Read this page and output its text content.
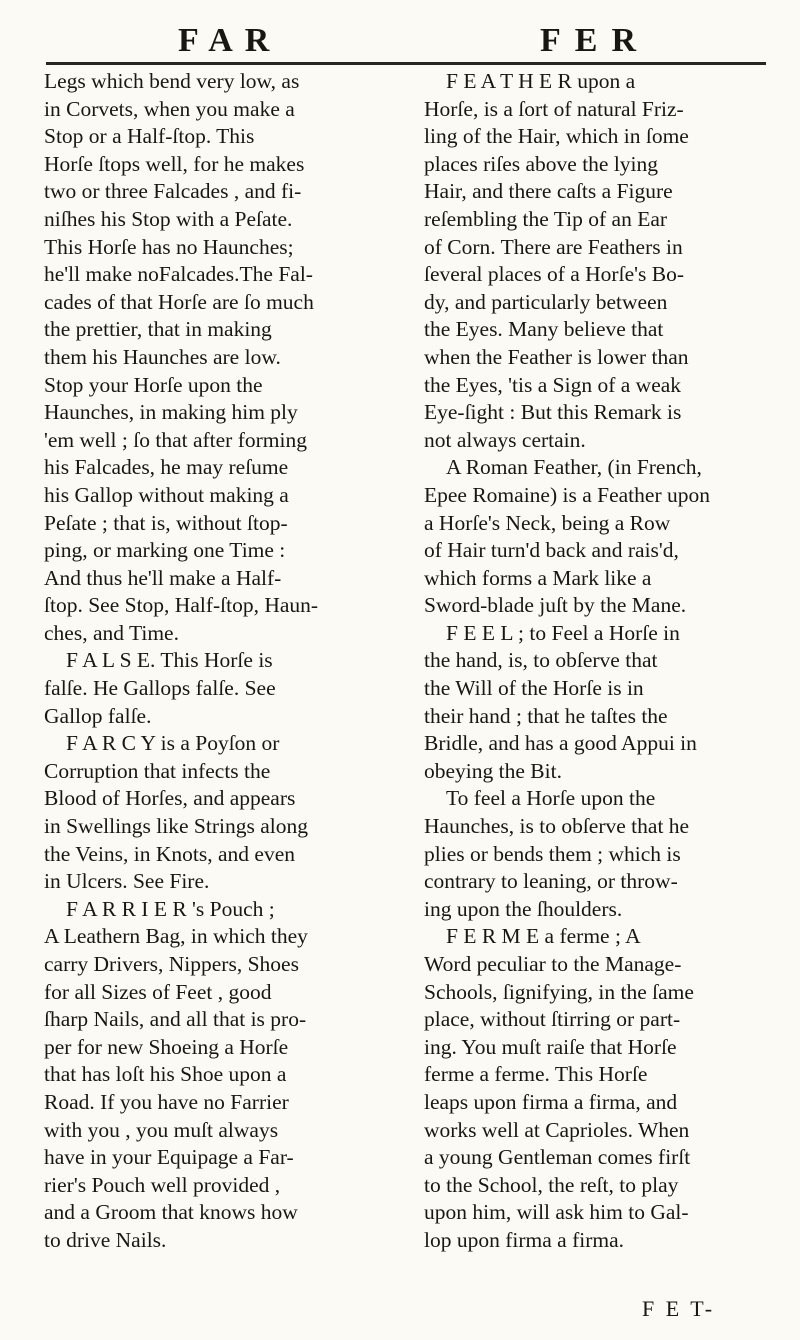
FAR	FER
Legs which bend very low, as
in Corvets, when you make a
Stop or a Half-ſtop. This
Horſe ſtops well, for he makes
two or three Falcades , and fi-
niſhes his Stop with a Peſate.
This Horſe has no Haunches;
he'll make noFalcades.The Fal-
cades of that Horſe are ſo much
the prettier, that in making
them his Haunches are low.
Stop your Horſe upon the
Haunches, in making him ply
'em well ; ſo that after forming
his Falcades, he may reſume
his Gallop without making a
Peſate ; that is, without ſtop-
ping, or marking one Time :
And thus he'll make a Half-
ſtop. See Stop, Half-ſtop, Haun-
ches, and Time.
F A L S E. This Horſe is
falſe. He Gallops falſe. See
Gallop falſe.
F A R C Y is a Poyſon or
Corruption that infects the
Blood of Horſes, and appears
in Swellings like Strings along
the Veins, in Knots, and even
in Ulcers. See Fire.
F A R R I E R 's Pouch ;
A Leathern Bag, in which they
carry Drivers, Nippers, Shoes
for all Sizes of Feet , good
ſharp Nails, and all that is pro-
per for new Shoeing a Horſe
that has loſt his Shoe upon a
Road. If you have no Farrier
with you , you muſt always
have in your Equipage a Far-
rier's Pouch well provided ,
and a Groom that knows how
to drive Nails.
F E A T H E R upon a
Horſe, is a ſort of natural Friz-
ling of the Hair, which in ſome
places riſes above the lying
Hair, and there caſts a Figure
reſembling the Tip of an Ear
of Corn. There are Feathers in
ſeveral places of a Horſe's Bo-
dy, and particularly between
the Eyes. Many believe that
when the Feather is lower than
the Eyes, 'tis a Sign of a weak
Eye-ſight : But this Remark is
not always certain.
A Roman Feather, (in French,
Epee Romaine) is a Feather upon
a Horſe's Neck, being a Row
of Hair turn'd back and rais'd,
which forms a Mark like a
Sword-blade juſt by the Mane.
F E E L ; to Feel a Horſe in
the hand, is, to obſerve that
the Will of the Horſe is in
their hand ; that he taſtes the
Bridle, and has a good Appui in
obeying the Bit.
To feel a Horſe upon the
Haunches, is to obſerve that he
plies or bends them ; which is
contrary to leaning, or throw-
ing upon the ſhoulders.
F E R M E a ferme ; A
Word peculiar to the Manage-
Schools, ſignifying, in the ſame
place, without ſtirring or part-
ing. You muſt raiſe that Horſe
ferme a ferme. This Horſe
leaps upon firma a firma, and
works well at Caprioles. When
a young Gentleman comes firſt
to the School, the reſt, to play
upon him, will ask him to Gal-
lop upon firma a firma.
F E T-
